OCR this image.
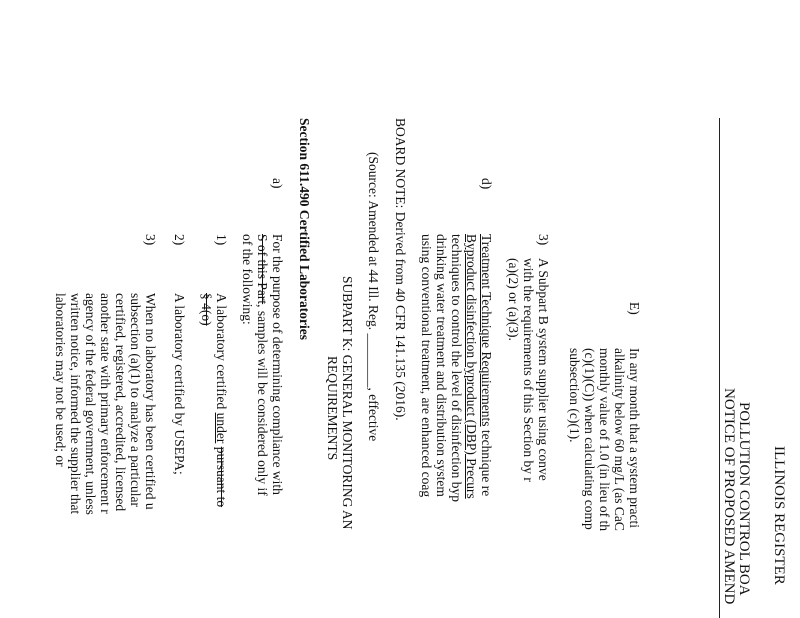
ILLINOIS REGISTER
POLLUTION CONTROL BOA
NOTICE OF PROPOSED AMEND
E)
In any month that a system practi
alkalinity below 60 mg/L (as CaC
monthly value of 1.0 (in lieu of th
(c)(1)(C)) when calculating comp
subsection (c)(1).
3)
A Subpart B system supplier using conve
with the requirements of this Section by r
(a)(2) or (a)(3).
d)
Treatment Technique Requirements technique re
Byproduct disinfection byproduct (DBP) Precurs
techniques to control the level of disinfection byp
drinking water treatment and distribution system
using conventional treatment, are enhanced coag
BOARD NOTE: Derived from 40 CFR 141.135 (2016).
(Source: Amended at 44 Ill. Reg. ________, effective
SUBPART K: GENERAL MONITORING AN
REQUIREMENTS
Section 611.490 Certified Laboratories
a)
For the purpose of determining compliance with
S of this Part, samples will be considered only if
of the following:
1)
A laboratory certified under pursuant to
§ 4(o)
2)
A laboratory certified by USEPA;
3)
When no laboratory has been certified u
subsection (a)(1) to analyze a particular
certified, registered, accredited, licensed
another state with primary enforcement r
agency of the federal government, unless
written notice, informed the supplier that
laboratories may not be used; or
